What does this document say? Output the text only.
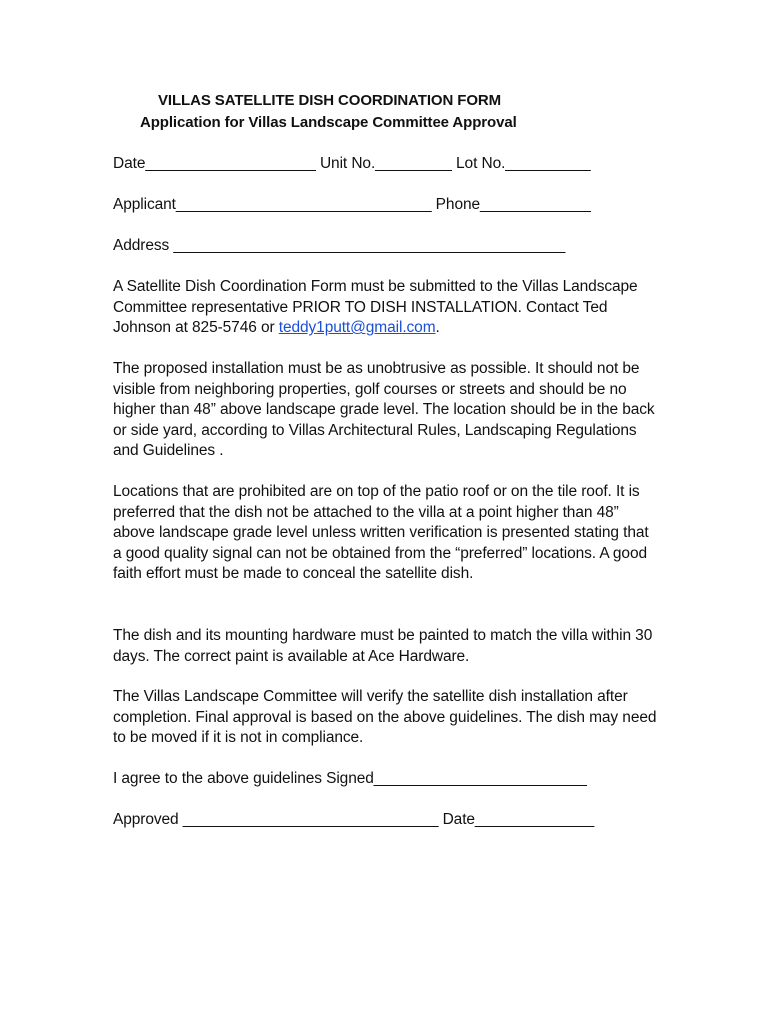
VILLAS SATELLITE DISH COORDINATION FORM
Application for Villas Landscape Committee Approval
Date____________________ Unit No._________ Lot No.__________
Applicant______________________________ Phone_____________
Address ______________________________________________
A Satellite Dish Coordination Form must be submitted to the Villas Landscape Committee representative PRIOR TO DISH INSTALLATION. Contact Ted Johnson at 825-5746 or teddy1putt@gmail.com.
The proposed installation must be as unobtrusive as possible. It should not be visible from neighboring properties, golf courses or streets and should be no higher than 48” above landscape grade level. The location should be in the back or side yard, according to Villas Architectural Rules, Landscaping Regulations and Guidelines .
Locations that are prohibited are on top of the patio roof or on the tile roof. It is preferred that the dish not be attached to the villa at a point higher than 48” above landscape grade level unless written verification is presented stating that a good quality signal can not be obtained from the “preferred” locations. A good faith effort must be made to conceal the satellite dish.
The dish and its mounting hardware must be painted to match the villa within 30 days. The correct paint is available at Ace Hardware.
The Villas Landscape Committee will verify the satellite dish installation after completion. Final approval is based on the above guidelines. The dish may need to be moved if it is not in compliance.
I agree to the above guidelines Signed_________________________
Approved ______________________________ Date______________
